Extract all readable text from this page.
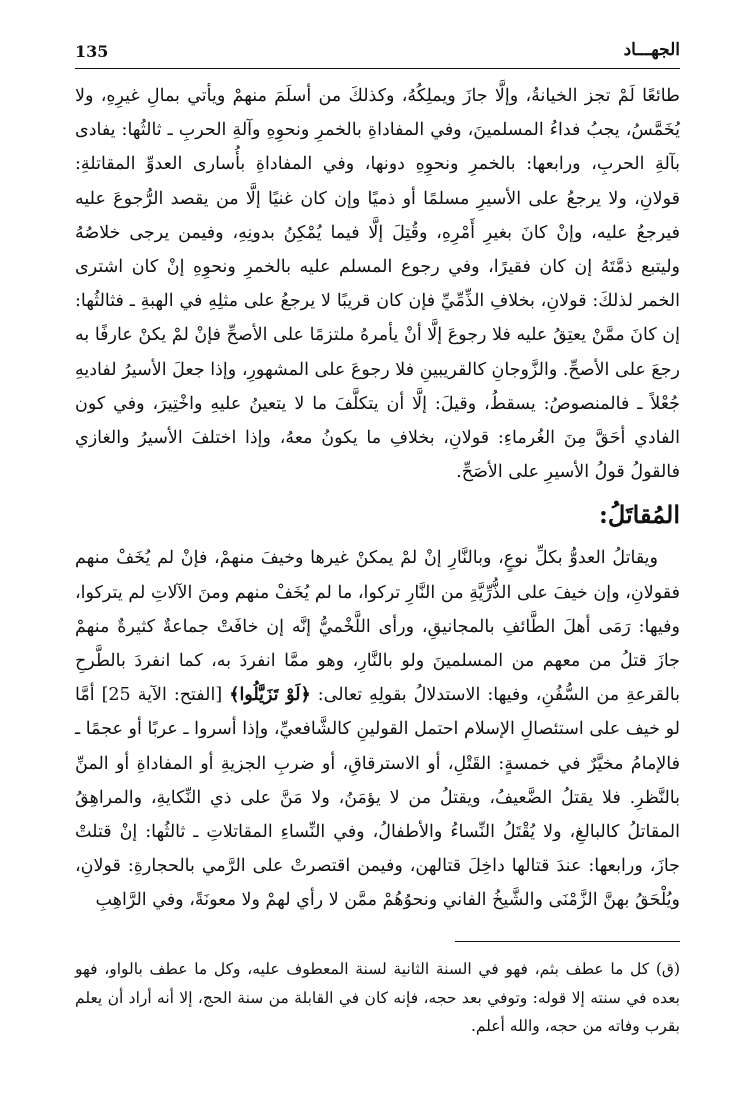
135	الجهـــاد

طائعًا لَمْ تجز الخيانةُ، وإلَّا جازَ ويملِكُهُ، وكذلكَ من أسلَمَ منهمْ ويأتي بمالِ غيرِهِ، ولا يُخَمَّسُ، يجبُ فداءُ المسلمينَ، وفي المفاداةِ بالخمرِ ونحوِهِ وآلةِ الحربِ ـ ثالثُها: يفادى بآلةِ الحربِ، ورابعها: بالخمرِ ونحوِهِ دونها، وفي المفاداةِ بأُسارى العدوِّ المقاتلةِ: قولانِ، ولا يرجعُ على الأسيرِ مسلمًا أو ذميًا وإن كان غنيًا إلَّا من يقصد الرُّجوعَ عليه فيرجعُ عليه، وإنْ كانَ بغيرِ أَمْرِهِ، وقُتِلَ إلَّا فيما يُمْكِنُ بدونِهِ، وفيمن يرجى خلاصُهُ وليتبع ذمَّتَهُ إن كان فقيرًا، وفي رجوع المسلم عليه بالخمرِ ونحوِهِ إنْ كان اشترى الخمر لذلكَ: قولانِ، بخلافِ الذِّمِّيِّ فإن كان قريبًا لا يرجعُ على مثلِهِ في الهبةِ ـ فثالثُها: إن كانَ ممَّنْ يعتِقُ عليه فلا رجوعَ إلَّا أنْ يأمرهُ ملتزمًا على الأصحِّ فإنْ لمْ يكنْ عارفًا به رجعَ على الأصحِّ. والزَّوجانِ كالقريبينِ فلا رجوعَ على المشهورِ، وإذا جعلَ الأسيرُ لفاديهِ جُعْلاً ـ فالمنصوصُ: يسقطُ، وقيلَ: إلَّا أن يتكلَّفَ ما لا يتعينُ عليهِ واخْتِيرَ، وفي كون الفادي أحَقَّ مِنَ الغُرماءِ: قولانِ، بخلافِ ما يكونُ معهُ، وإذا اختلفَ الأسيرُ والغازي فالقولُ قولُ الأسيرِ على الأصَحِّ.

المُقاتَلُ:

ويقاتلُ العدوُّ بكلِّ نوعٍ، وبالنَّارِ إنْ لمْ يمكنْ غيرها وخيفَ منهمْ، فإنْ لم يُخَفْ منهم فقولانِ، وإن خيفَ على الذُّرِّيَّةِ من النَّارِ تركوا، ما لم يُخَفْ منهم ومنَ الآلاتِ لم يتركوا، وفيها: رَمَى أهلَ الطَّائفِ بالمجانيقِ، ورأى اللَّخْميُّ إنَّه إن خافَتْ جماعةٌ كثيرةٌ منهمْ جازَ قتلُ من معهم من المسلمينَ ولو بالنَّارِ، وهو ممَّا انفردَ به، كما انفردَ بالطَّرحِ بالقرعةِ من السُّفُنِ، وفيها: الاستدلالُ بقولِهِ تعالى: ﴿لَوْ تَزَيَّلُوا﴾ [الفتح: الآية 25] أمَّا لو خيف على استئصالِ الإسلام احتمل القولينِ كالشَّافعيِّ، وإذا أسروا ـ عربًا أو عجمًا ـ فالإمامُ مخيَّرٌ في خمسةٍ: القَتْلِ، أو الاسترقاقِ، أو ضربِ الجزيةِ أو المفاداةِ أو المنِّ بالنَّظرِ. فلا يقتلُ الضَّعيفُ، ويقتلُ من لا يؤمَنُ، ولا مَنَّ على ذي النِّكايةِ، والمراهِقُ المقاتلُ كالبالغِ، ولا يُقْتَلُ النِّساءُ والأطفالُ، وفي النِّساءِ المقاتلاتِ ـ ثالثُها: إنْ قتلتْ جازَ، ورابعها: عندَ قتالها داخِلَ قتالهن، وفيمن اقتصرتْ على الرَّمي بالحجارةِ: قولانِ، ويُلْحَقُ بهنَّ الزَّمْنَى والشَّيخُ الفاني ونحوُهُمْ ممَّن لا رأي لهمْ ولا معونَةً، وفي الرَّاهِبِ

(ق) كل ما عطف بثم، فهو في السنة الثانية لسنة المعطوف عليه، وكل ما عطف بالواو، فهو بعده في سنته إلا قوله: وتوفي بعد حجه، فإنه كان في القابلة من سنة الحج، إلا أنه أراد أن يعلم بقرب وفاته من حجه، والله أعلم.
